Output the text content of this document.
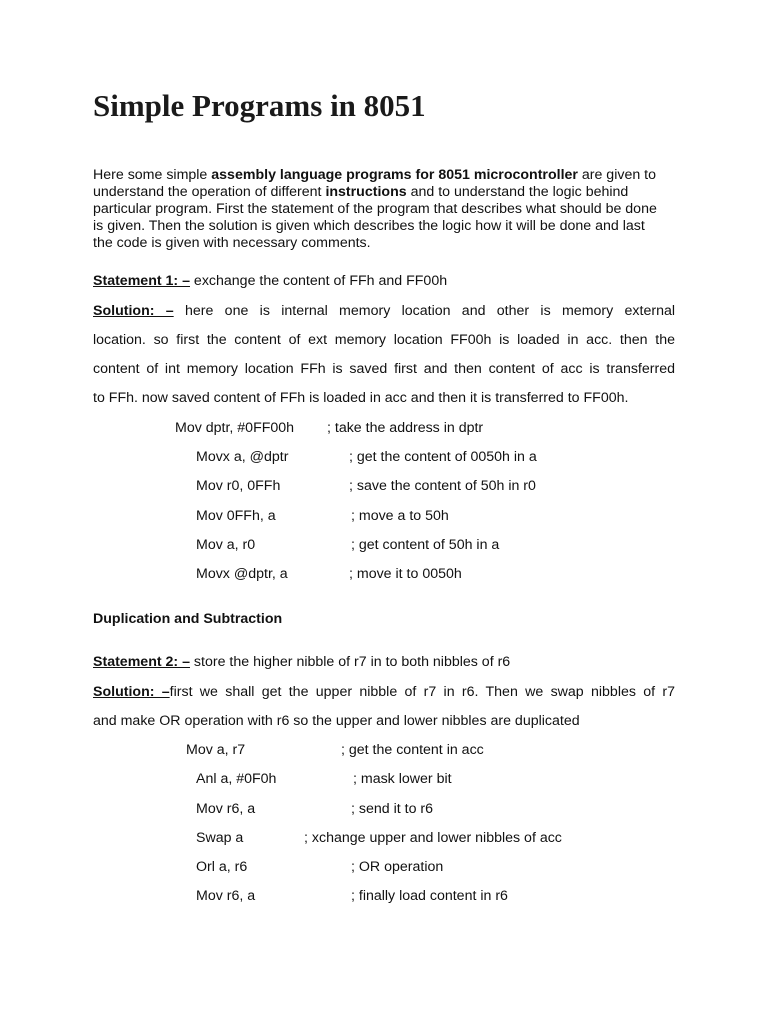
Simple Programs in 8051

Here some simple assembly language programs for 8051 microcontroller are given to understand the operation of different instructions and to understand the logic behind particular program. First the statement of the program that describes what should be done is given. Then the solution is given which describes the logic how it will be done and last the code is given with necessary comments.

Statement 1: – exchange the content of FFh and FF00h
Solution: – here one is internal memory location and other is memory external
location. so first the content of ext memory location FF00h is loaded in acc. then the
content of int memory location FFh is saved first and then content of acc is transferred
to FFh. now saved content of FFh is loaded in acc and then it is transferred to FF00h.
Mov dptr, #0FF00h ; take the address in dptr
Movx a, @dptr	; get the content of 0050h in a
Mov r0, 0FFh	; save the content of 50h in r0
Mov 0FFh, a	; move a to 50h
Mov a, r0	; get content of 50h in a
Movx @dptr, a	; move it to 0050h
Duplication and Subtraction
Statement 2: – store the higher nibble of r7 in to both nibbles of r6
Solution: –first we shall get the upper nibble of r7 in r6. Then we swap nibbles of r7
and make OR operation with r6 so the upper and lower nibbles are duplicated
Mov a, r7	; get the content in acc
Anl a, #0F0h	; mask lower bit
Mov r6, a	; send it to r6
Swap a	; xchange upper and lower nibbles of acc
Orl a, r6	; OR operation
Mov r6, a	; finally load content in r6
